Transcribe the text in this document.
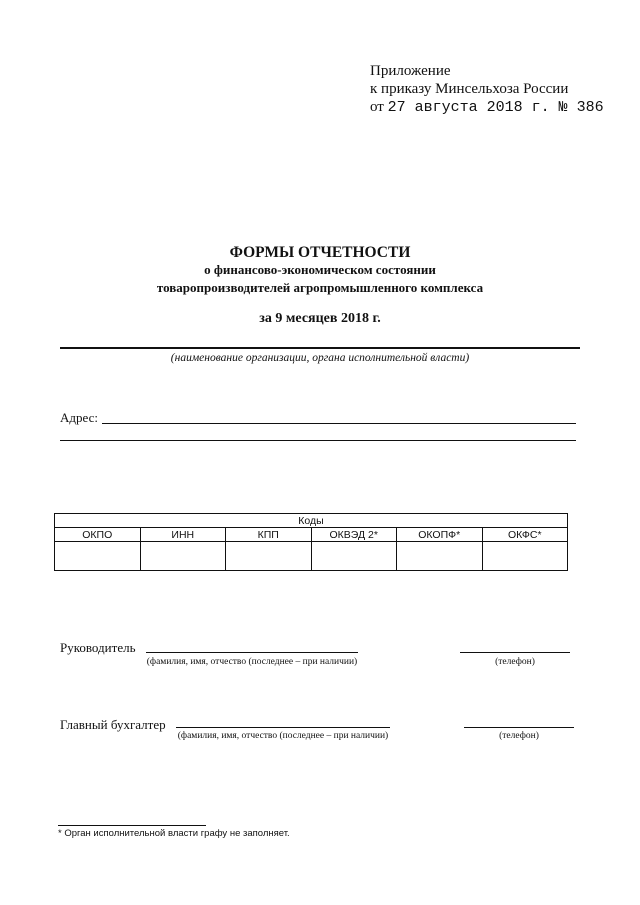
Приложение
к приказу Минсельхоза России
от 27 августа 2018 г. № 386
ФОРМЫ ОТЧЕТНОСТИ
о финансово-экономическом состоянии
товаропроизводителей агропромышленного комплекса
за 9 месяцев 2018 г.
(наименование организации, органа исполнительной власти)
Адрес:
Коды					
ОКПО	ИНН	КПП	ОКВЭД 2*	ОКОПФ*	ОКФС*

Руководитель
(фамилия, имя, отчество (последнее – при наличии)	(телефон)
Главный бухгалтер
(фамилия, имя, отчество (последнее – при наличии)	(телефон)
* Орган исполнительной власти графу не заполняет.
